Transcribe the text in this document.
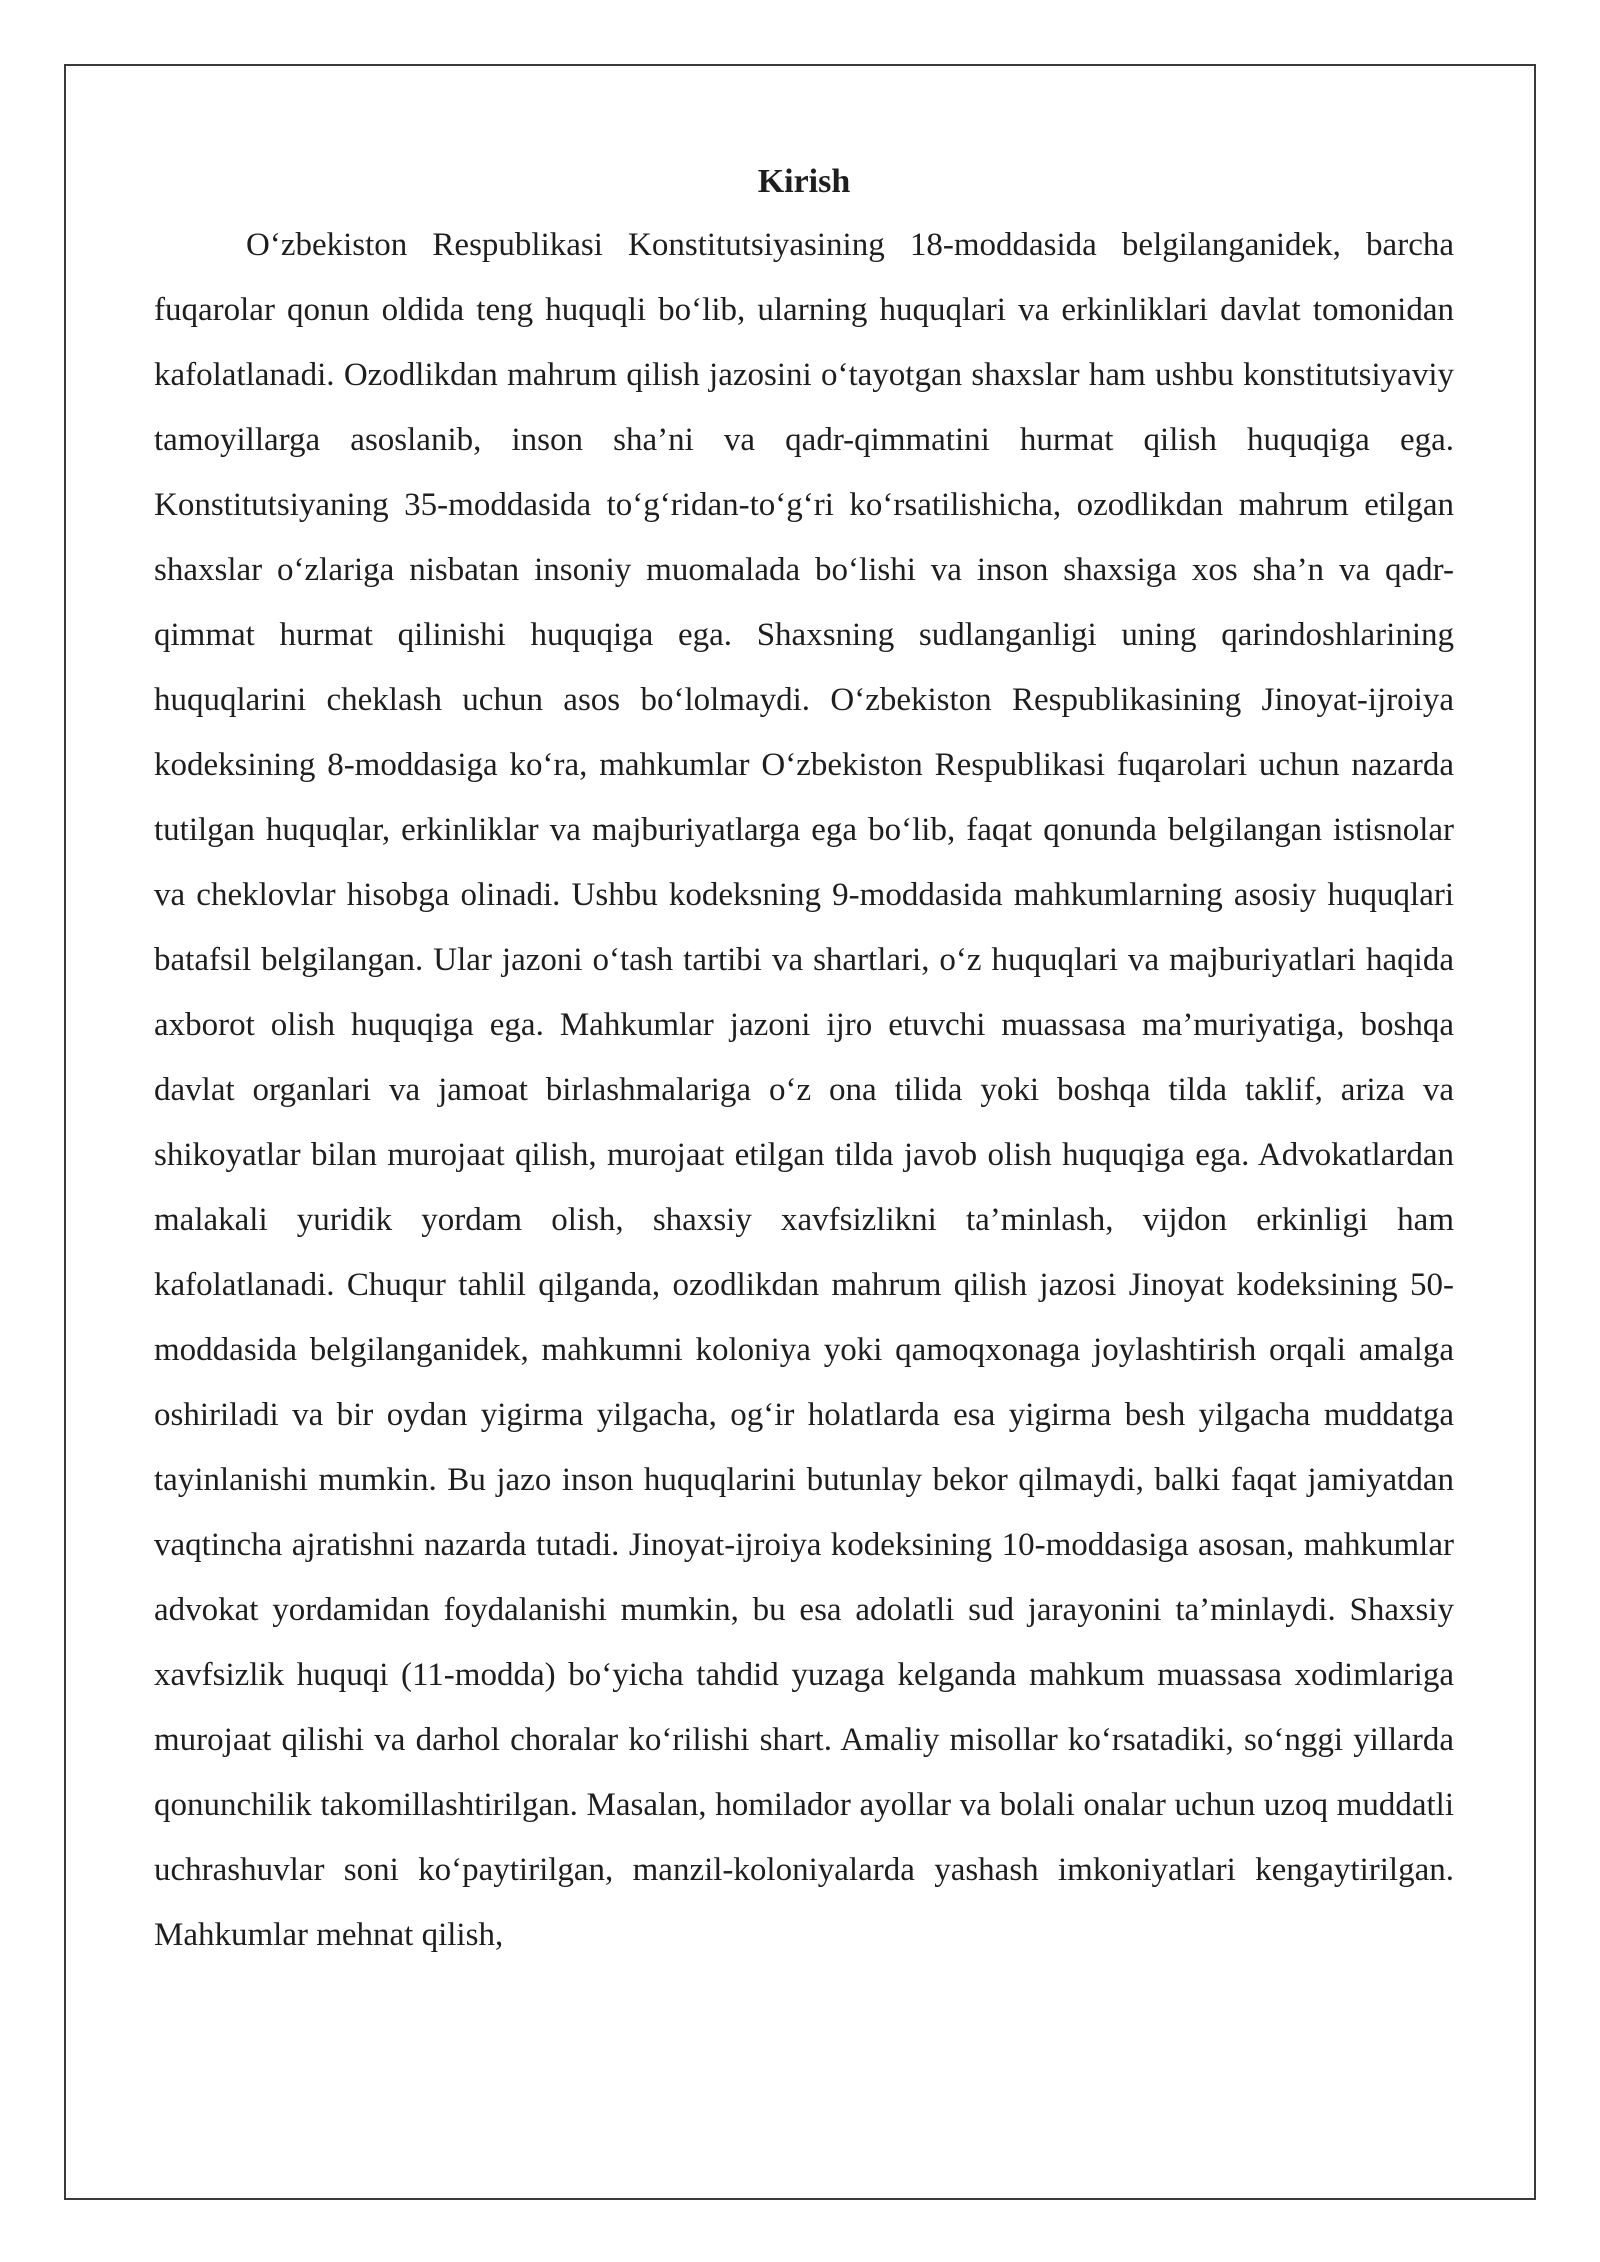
Kirish

O‘zbekiston Respublikasi Konstitutsiyasining 18-moddasida belgilanganidek, barcha fuqarolar qonun oldida teng huquqli bo‘lib, ularning huquqlari va erkinliklari davlat tomonidan kafolatlanadi. Ozodlikdan mahrum qilish jazosini o‘tayotgan shaxslar ham ushbu konstitutsiyaviy tamoyillarga asoslanib, inson sha’ni va qadr-qimmatini hurmat qilish huquqiga ega. Konstitutsiyaning 35-moddasida to‘g‘ridan-to‘g‘ri ko‘rsatilishicha, ozodlikdan mahrum etilgan shaxslar o‘zlariga nisbatan insoniy muomalada bo‘lishi va inson shaxsiga xos sha’n va qadr-qimmat hurmat qilinishi huquqiga ega. Shaxsning sudlanganligi uning qarindoshlarining huquqlarini cheklash uchun asos bo‘lolmaydi. O‘zbekiston Respublikasining Jinoyat-ijroiya kodeksining 8-moddasiga ko‘ra, mahkumlar O‘zbekiston Respublikasi fuqarolari uchun nazarda tutilgan huquqlar, erkinliklar va majburiyatlarga ega bo‘lib, faqat qonunda belgilangan istisnolar va cheklovlar hisobga olinadi. Ushbu kodeksning 9-moddasida mahkumlarning asosiy huquqlari batafsil belgilangan. Ular jazoni o‘tash tartibi va shartlari, o‘z huquqlari va majburiyatlari haqida axborot olish huquqiga ega. Mahkumlar jazoni ijro etuvchi muassasa ma’muriyatiga, boshqa davlat organlari va jamoat birlashmalariga o‘z ona tilida yoki boshqa tilda taklif, ariza va shikoyatlar bilan murojaat qilish, murojaat etilgan tilda javob olish huquqiga ega. Advokatlardan malakali yuridik yordam olish, shaxsiy xavfsizlikni ta’minlash, vijdon erkinligi ham kafolatlanadi. Chuqur tahlil qilganda, ozodlikdan mahrum qilish jazosi Jinoyat kodeksining 50-moddasida belgilanganidek, mahkumni koloniya yoki qamoqxonaga joylashtirish orqali amalga oshiriladi va bir oydan yigirma yilgacha, og‘ir holatlarda esa yigirma besh yilgacha muddatga tayinlanishi mumkin. Bu jazo inson huquqlarini butunlay bekor qilmaydi, balki faqat jamiyatdan vaqtincha ajratishni nazarda tutadi. Jinoyat-ijroiya kodeksining 10-moddasiga asosan, mahkumlar advokat yordamidan foydalanishi mumkin, bu esa adolatli sud jarayonini ta’minlaydi. Shaxsiy xavfsizlik huquqi (11-modda) bo‘yicha tahdid yuzaga kelganda mahkum muassasa xodimlariga murojaat qilishi va darhol choralar ko‘rilishi shart. Amaliy misollar ko‘rsatadiki, so‘nggi yillarda qonunchilik takomillashtirilgan. Masalan, homilador ayollar va bolali onalar uchun uzoq muddatli uchrashuvlar soni ko‘paytirilgan, manzil-koloniyalarda yashash imkoniyatlari kengaytirilgan. Mahkumlar mehnat qilish,
